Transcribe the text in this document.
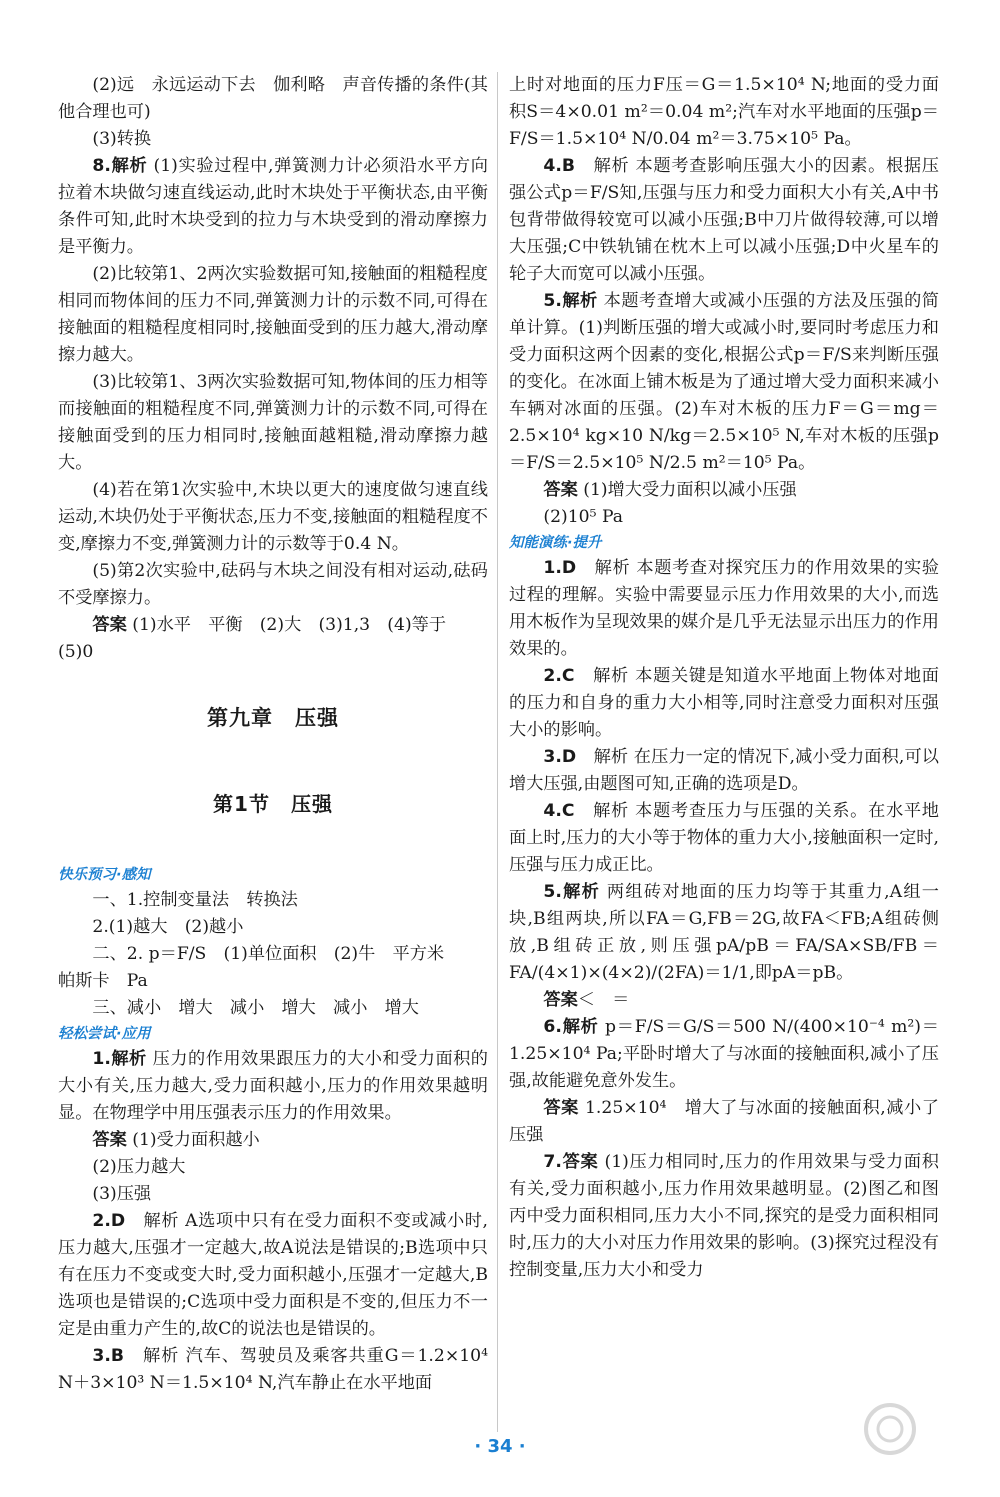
(2)远　永远运动下去　伽利略　声音传播的条件(其他合理也可)

(3)转换

8.解析 (1)实验过程中,弹簧测力计必须沿水平方向拉着木块做匀速直线运动,此时木块处于平衡状态,由平衡条件可知,此时木块受到的拉力与木块受到的滑动摩擦力是平衡力。

(2)比较第1、2两次实验数据可知,接触面的粗糙程度相同而物体间的压力不同,弹簧测力计的示数不同,可得在接触面的粗糙程度相同时,接触面受到的压力越大,滑动摩擦力越大。

(3)比较第1、3两次实验数据可知,物体间的压力相等而接触面的粗糙程度不同,弹簧测力计的示数不同,可得在接触面受到的压力相同时,接触面越粗糙,滑动摩擦力越大。

(4)若在第1次实验中,木块以更大的速度做匀速直线运动,木块仍处于平衡状态,压力不变,接触面的粗糙程度不变,摩擦力不变,弹簧测力计的示数等于0.4 N。

(5)第2次实验中,砝码与木块之间没有相对运动,砝码不受摩擦力。

答案 (1)水平　平衡　(2)大　(3)1,3　(4)等于

(5)0

第九章　压强
第1节　压强
快乐预习·感知

一、1.控制变量法　转换法

2.(1)越大　(2)越小

二、2. p＝F/S　(1)单位面积　(2)牛　平方米

帕斯卡　Pa

三、减小　增大　减小　增大　减小　增大

轻松尝试·应用

1.解析 压力的作用效果跟压力的大小和受力面积的大小有关,压力越大,受力面积越小,压力的作用效果越明显。在物理学中用压强表示压力的作用效果。

答案 (1)受力面积越小

(2)压力越大

(3)压强

2.D　解析 A选项中只有在受力面积不变或减小时,压力越大,压强才一定越大,故A说法是错误的;B选项中只有在压力不变或变大时,受力面积越小,压强才一定越大,B选项也是错误的;C选项中受力面积是不变的,但压力不一定是由重力产生的,故C的说法也是错误的。

3.B　解析 汽车、驾驶员及乘客共重G＝1.2×10⁴ N＋3×10³ N＝1.5×10⁴ N,汽车静止在水平地面

上时对地面的压力F压＝G＝1.5×10⁴ N;地面的受力面积S＝4×0.01 m²＝0.04 m²;汽车对水平地面的压强p＝F/S＝1.5×10⁴ N/0.04 m²＝3.75×10⁵ Pa。

4.B　解析 本题考查影响压强大小的因素。根据压强公式p＝F/S知,压强与压力和受力面积大小有关,A中书包背带做得较宽可以减小压强;B中刀片做得较薄,可以增大压强;C中铁轨铺在枕木上可以减小压强;D中火星车的轮子大而宽可以减小压强。

5.解析 本题考查增大或减小压强的方法及压强的简单计算。(1)判断压强的增大或减小时,要同时考虑压力和受力面积这两个因素的变化,根据公式p＝F/S来判断压强的变化。在冰面上铺木板是为了通过增大受力面积来减小车辆对冰面的压强。(2)车对木板的压力F＝G＝mg＝2.5×10⁴ kg×10 N/kg＝2.5×10⁵ N,车对木板的压强p＝F/S＝2.5×10⁵ N/2.5 m²＝10⁵ Pa。

答案 (1)增大受力面积以减小压强

(2)10⁵ Pa

知能演练·提升

1.D　解析 本题考查对探究压力的作用效果的实验过程的理解。实验中需要显示压力作用效果的大小,而选用木板作为呈现效果的媒介是几乎无法显示出压力的作用效果的。

2.C　解析 本题关键是知道水平地面上物体对地面的压力和自身的重力大小相等,同时注意受力面积对压强大小的影响。

3.D　解析 在压力一定的情况下,减小受力面积,可以增大压强,由题图可知,正确的选项是D。

4.C　解析 本题考查压力与压强的关系。在水平地面上时,压力的大小等于物体的重力大小,接触面积一定时,压强与压力成正比。

5.解析 两组砖对地面的压力均等于其重力,A组一块,B组两块,所以FA＝G,FB＝2G,故FA＜FB;A组砖侧放,B组砖正放,则压强pA/pB＝FA/SA×SB/FB＝FA/(4×1)×(4×2)/(2FA)＝1/1,即pA＝pB。

答案＜　＝

6.解析 p＝F/S＝G/S＝500 N/(400×10⁻⁴ m²)＝1.25×10⁴ Pa;平卧时增大了与冰面的接触面积,减小了压强,故能避免意外发生。

答案 1.25×10⁴　增大了与冰面的接触面积,减小了压强

7.答案 (1)压力相同时,压力的作用效果与受力面积有关,受力面积越小,压力作用效果越明显。(2)图乙和图丙中受力面积相同,压力大小不同,探究的是受力面积相同时,压力的大小对压力作用效果的影响。(3)探究过程没有控制变量,压力大小和受力

· 34 ·
